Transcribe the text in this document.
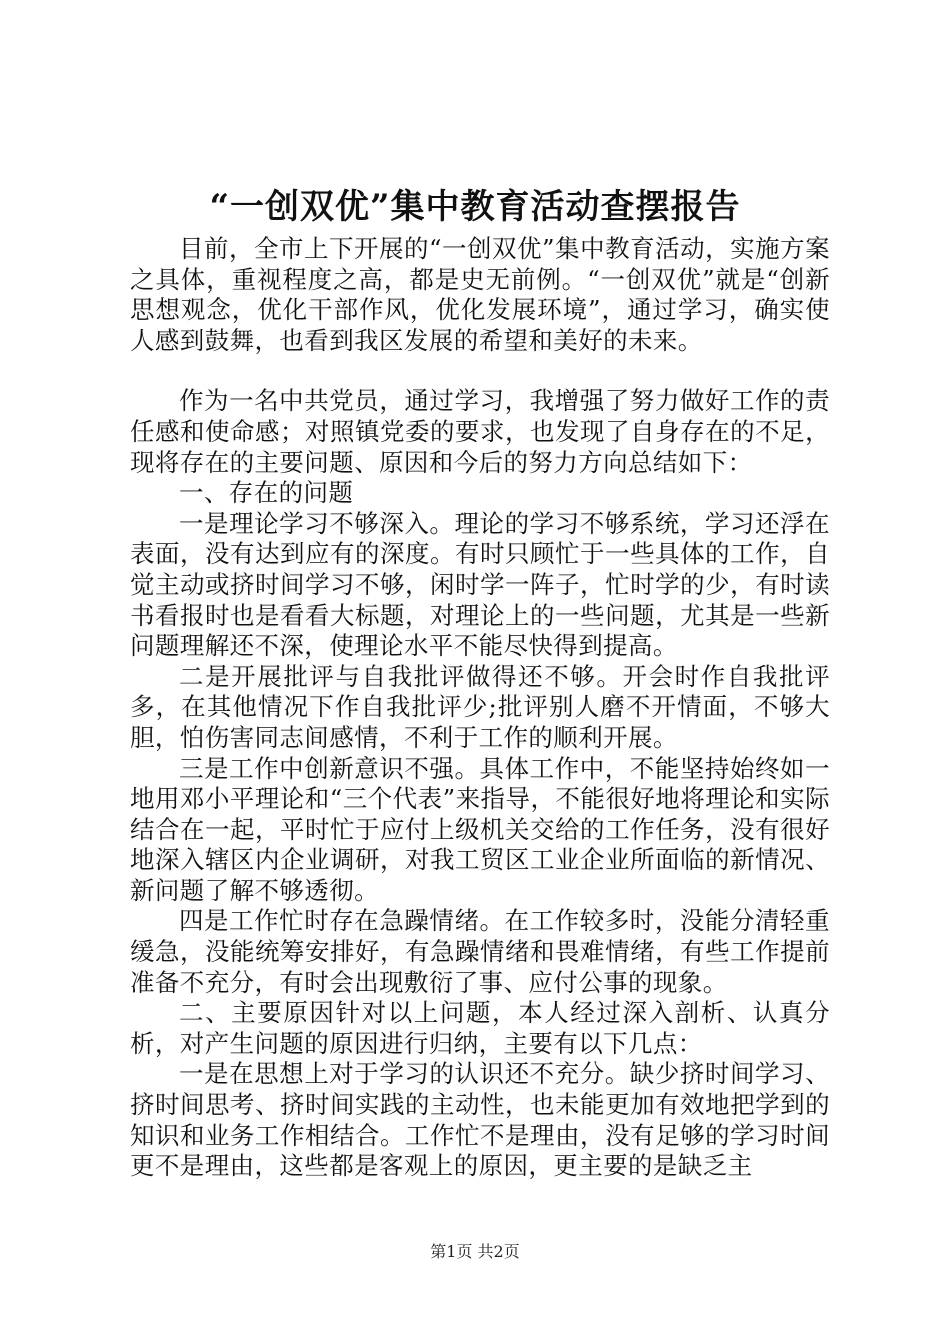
“一创双优”集中教育活动查摆报告

目前，全市上下开展的“一创双优”集中教育活动，实施方案之具体，重视程度之高，都是史无前例。“一创双优”就是“创新思想观念，优化干部作风，优化发展环境”，通过学习，确实使人感到鼓舞，也看到我区发展的希望和美好的未来。

作为一名中共党员，通过学习，我增强了努力做好工作的责任感和使命感；对照镇党委的要求，也发现了自身存在的不足，现将存在的主要问题、原因和今后的努力方向总结如下：

一、存在的问题

一是理论学习不够深入。理论的学习不够系统，学习还浮在表面，没有达到应有的深度。有时只顾忙于一些具体的工作，自觉主动或挤时间学习不够，闲时学一阵子，忙时学的少，有时读书看报时也是看看大标题，对理论上的一些问题，尤其是一些新问题理解还不深，使理论水平不能尽快得到提高。

二是开展批评与自我批评做得还不够。开会时作自我批评多，在其他情况下作自我批评少;批评别人磨不开情面，不够大胆，怕伤害同志间感情，不利于工作的顺利开展。

三是工作中创新意识不强。具体工作中，不能坚持始终如一地用邓小平理论和“三个代表”来指导，不能很好地将理论和实际结合在一起，平时忙于应付上级机关交给的工作任务，没有很好地深入辖区内企业调研，对我工贸区工业企业所面临的新情况、新问题了解不够透彻。

四是工作忙时存在急躁情绪。在工作较多时，没能分清轻重缓急，没能统筹安排好，有急躁情绪和畏难情绪，有些工作提前准备不充分，有时会出现敷衍了事、应付公事的现象。

二、主要原因针对以上问题，本人经过深入剖析、认真分析，对产生问题的原因进行归纳，主要有以下几点：

一是在思想上对于学习的认识还不充分。缺少挤时间学习、挤时间思考、挤时间实践的主动性，也未能更加有效地把学到的知识和业务工作相结合。工作忙不是理由，没有足够的学习时间更不是理由，这些都是客观上的原因，更主要的是缺乏主

第1页 共2页
